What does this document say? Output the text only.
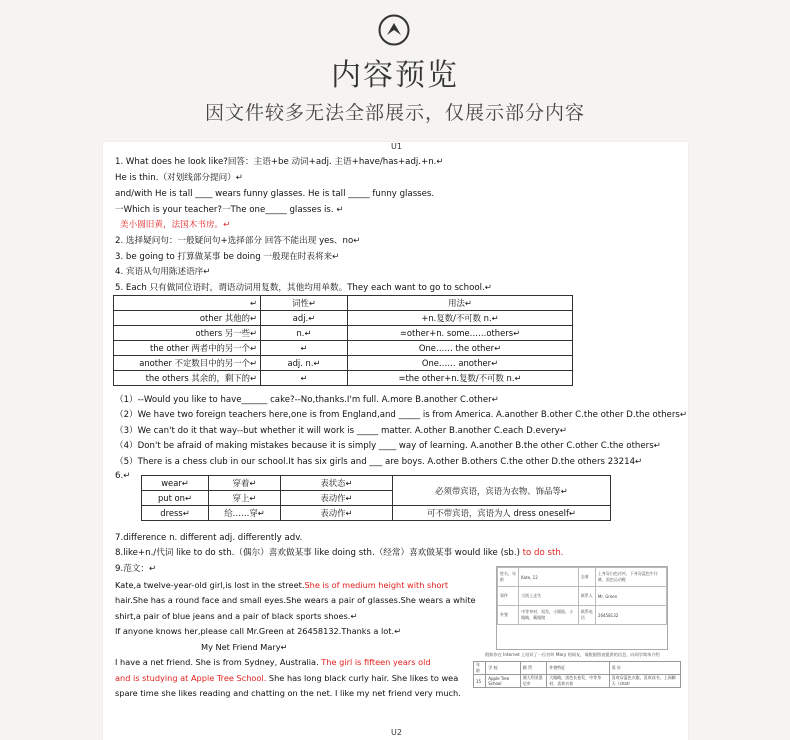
内容预览
因文件较多无法全部展示，仅展示部分内容
U1
1. What does he look like?回答：主语+be 动词+adj. 主语+have/has+adj.+n.↵
He is thin.（对划线部分提问）↵
and/with He is tall ____ wears funny glasses. He is tall _____ funny glasses.
一Which is your teacher?一The one_____ glasses is. ↵
美小圆旧黄，法国木书房。↵
2. 选择疑问句：一般疑问句+选择部分 回答不能出现 yes、no↵
3. be going to 打算做某事 be doing 一般现在时表将来↵
4. 宾语从句用陈述语序↵
5. Each 只有做同位语时，谓语动词用复数，其他均用单数。They each want to go to school.↵
↵	词性↵	用法↵
other 其他的↵	adj.↵	+n.复数/不可数 n.↵
others 另一些↵	n.↵	=other+n. some……others↵
the other 两者中的另一个↵	↵	One…… the other↵
another 不定数目中的另一个↵	adj. n.↵	One…… another↵
the others 其余的，剩下的↵	↵	=the other+n.复数/不可数 n.↵
（1）--Would you like to have______ cake?--No,thanks.I'm full. A.more B.another C.other↵
（2）We have two foreign teachers here,one is from England,and _____ is from America. A.another B.other C.the other D.the others↵
（3）We can't do it that way--but whether it will work is _____ matter. A.other B.another C.each D.every↵
（4）Don't be afraid of making mistakes because it is simply ____ way of learning. A.another B.the other C.other C.the others↵
（5）There is a chess club in our school.It has six girls and ___ are boys. A.other B.others C.the other D.the others 23214↵
6.↵
wear↵	穿着↵	表状态↵	必须带宾语，宾语为衣物、饰品等↵
put on↵	穿上↵	表动作↵	
dress↵	给……穿↵	表动作↵	可不带宾语，宾语为人 dress oneself↵
7.difference n. different adj. differently adv.
8.like+n./代词 like to do sth.（偶尔）喜欢做某事 like doing sth.（经常）喜欢做某事 would like (sb.) to do sth.
9.范文：↵
Kate,a twelve-year-old girl,is lost in the street.She is of medium height with short
hair.She has a round face and small eyes.She wears a pair of glasses.She wears a white
shirt,a pair of blue jeans and a pair of black sports shoes.↵
If anyone knows her,please call Mr.Green at 26458132.Thanks a lot.↵
My Net Friend Mary↵
I have a net friend. She is from Sydney, Australia. The girl is fifteen years old
and is studying at Apple Tree School. She has long black curly hair. She likes to wea
spare time she likes reading and chatting on the net. I like my net friend very much.
姓名、年龄	Kate, 12	去着	上身穿白色衬衫，下身穿蓝色牛仔裤，黑色运动鞋
事件	大街上走失	联系人	Mr. Green
外貌	中等身材，短发，小圆脸，小眼睛，戴眼镜	联系电话	26458132
假如你在 Internet 上结识了一位名叫 Mary 的网友，请根据图表提供的信息，向同学简单介绍
年龄	学 校	籍 贯	外貌特征	爱 好
15	Apple Tree School	澳大利亚悉尼市	大眼睛，黑色长卷发，中等身材，喜欢衣着	喜欢穿蓝色衣服，喜欢读书，上网聊天（chat）
U2
